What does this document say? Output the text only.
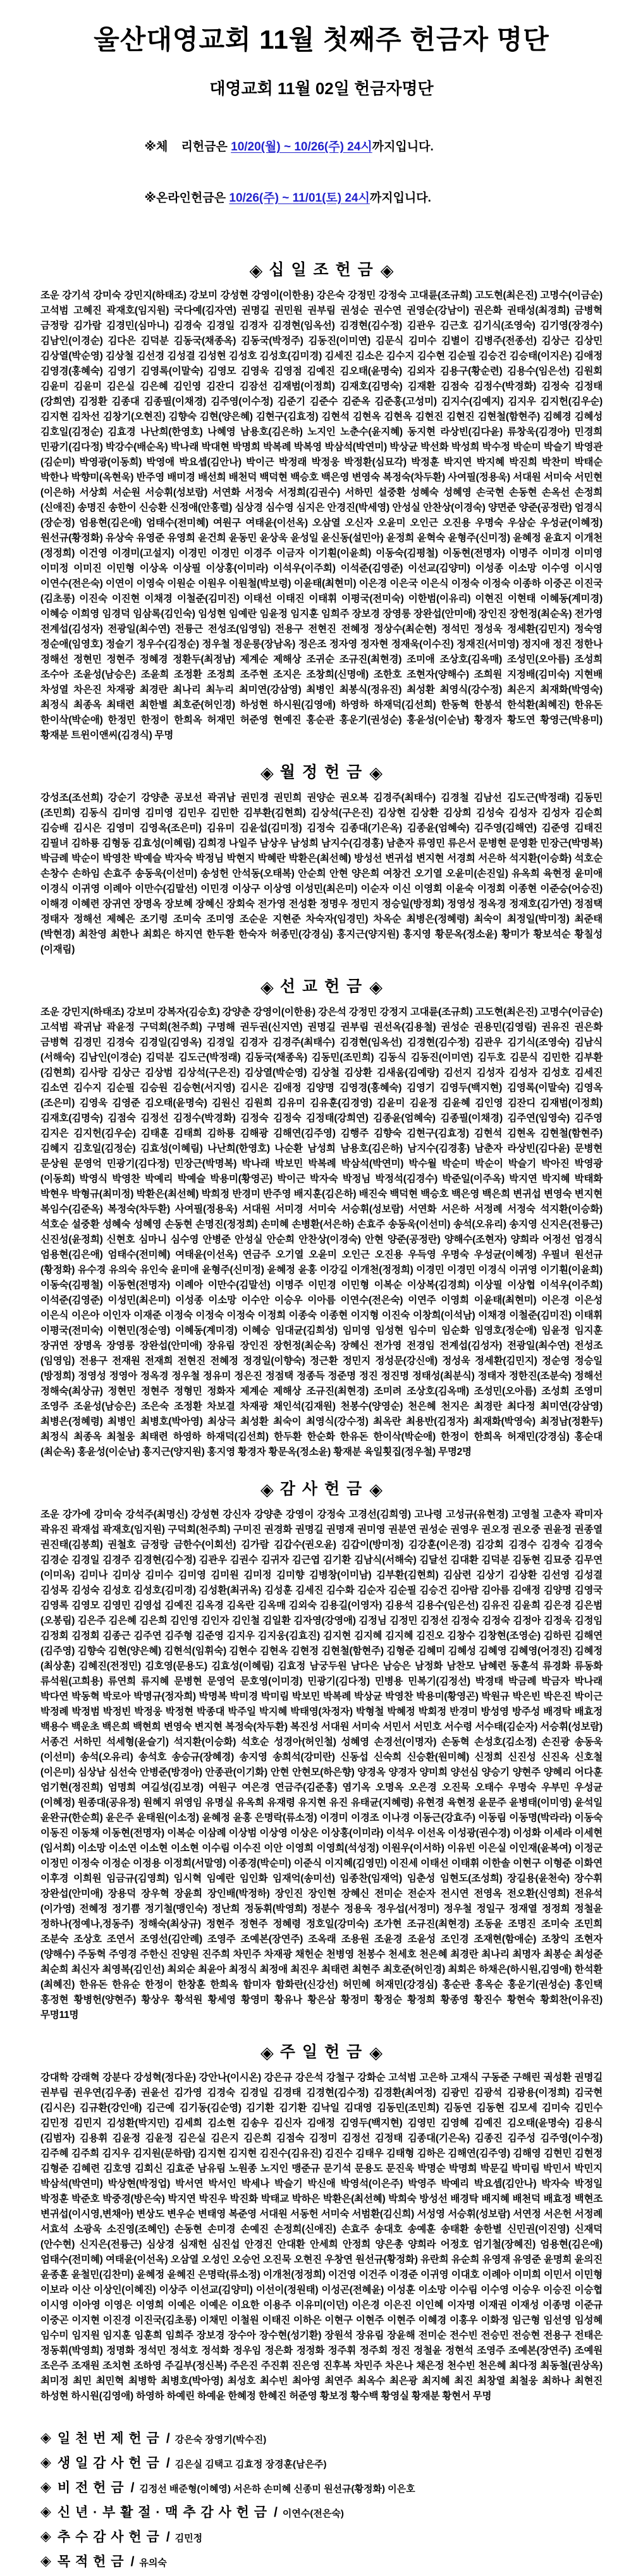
울산대영교회 11월 첫째주 헌금자 명단
대영교회 11월 02일 헌금자명단

※체    리헌금은 10/20(월) ~ 10/26(주) 24시까지입니다.

※온라인헌금은 10/26(주) ~ 11/01(토) 24시까지입니다.

◈ 십 일 조 헌 금 ◈
조운 강기석 강미숙 강민지(하태조) 강보미 강성현 강영이(이한용) 강은숙 강정민 강정숙 고대륜(조규희) 고도현(최은진) 고명수(이금순) 고석범 고혜진 곽재호(임지원) 국다예(김자연) 권명길 권민원 권부림 권성순 권수연 권영순(강남이) 권은화 권태성(최경희) 금병혁 금정랑 김가람 김경민(심마니) 김경숙 김경일 김경자 김경현(임옥선) 김경현(김수정) 김관우 김근호 김기식(조영숙) 김기영(장경수) 김남인(이경순) 김다은 김덕분 김동국(채종옥) 김동국(박정주) 김동진(이미연) 김문식 김미수 김별이 김병주(전종선) 김상근 김상민 김상열(박순영) 김상철 김선경 김성결 김성현 김성호 김성호(김미경) 김세진 김소은 김수지 김수현 김순필 김승건 김승태(이지은) 김애정 김영경(홍혜숙) 김영기 김영록(이말숙) 김영모 김영욱 김영점 김예진 김오태(윤명숙) 김외자 김용구(황순련) 김용수(임은선) 김원회 김윤미 김윤미 김은실 김은혜 김인영 김잔디 김잠선 김재범(이정희) 김재호(김명숙) 김재환 김점숙 김정수(박경화) 김정숙 김정태(강희연) 김정환 김종대 김종필(이채경) 김주영(이수정) 김준기 김준수 김준옥 김준홍(고성미) 김지수(김예지) 김지우 김지헌(김우순) 김지현 김차선 김창기(오현진) 김향숙 김현(양은혜) 김현구(김효정) 김현석 김현옥 김현옥 김현진 김현진 김현철(함현주) 김혜경 김혜성 김호일(김정순) 김효경 나난희(한영호) 나혜영 남용호(김은하) 노지인 노춘수(윤지혜) 동지현 라상빈(김다윤) 류창욱(김경아) 민경희 민광기(김다정) 박강수(배순옥) 박나래 박대현 박명희 박복례 박복영 박삼석(박연미) 박상균 박선화 박성희 박수정 박순미 박슬기 박영관(김순미) 박영광(이동희) 박영애 박요셉(김안나) 박이근 박정래 박정웅 박정환(심묘각) 박정훈 박지연 박지혜 박진희 박찬미 박태순 박한나 박향미(옥현욱) 반주영 배미경 배선희 배천덕 백덕현 백승호 백은영 변영숙 복정숙(차두환) 사여필(정용욱) 서대원 서미숙 서민현(이은하) 서상회 서순원 서승휘(성보람) 서연화 서정숙 서정희(김권수) 서하민 설중환 성혜숙 성혜영 손국현 손동현 손옥선 손정희(신애진) 송명진 송한이 신승환 신정애(안홍렬) 심상경 심수영 심지은 안경진(박세영) 안성실 안찬상(이경숙) 양면준 양준(공정란) 엄경식(장순정) 엄용현(김은애) 엄태수(전미혜) 여원구 여태윤(이선옥) 오삼열 오신자 오윤미 오인근 오진용 우명숙 우삼순 우성균(이혜정) 원선규(황정화) 유상숙 유영준 유영희 윤건희 윤동민 윤상욱 윤성일 윤신동(설민아) 윤정희 윤혁숙 윤형주(신미정) 윤혜정 윤효지 이개천(정정희) 이건영 이경미(고설지) 이경민 이경민 이경주 이금자 이기훤(이윤희) 이동숙(김평철) 이동현(전명자) 이명주 이미경 이미영 이미정 이미진 이민형 이상옥 이상필 이상홍(이미라) 이석우(이주회) 이석준(김영준) 이선교(김양미) 이성종 이소망 이수영 이시영 이연수(전은숙) 이연이 이영숙 이원순 이원우 이원철(박보령) 이윤태(최현미) 이은경 이은국 이은식 이정숙 이정숙 이종하 이중곤 이진국(김초롱) 이진숙 이진현 이채경 이철준(김미진) 이태선 이태진 이태휘 이평국(전미숙) 이한범(이유리) 이현진 이현태 이혜동(계미경) 이혜승 이희영 임경덕 임삼록(김인숙) 임성현 임예란 임윤정 임지훈 임희주 장보경 장영롱 장완섭(안미애) 장인진 장헌정(최순옥) 전가영 전계섭(김성자) 전광일(최수연) 전륭근 전성조(임영임) 전용구 전현진 전혜정 정상수(최순현) 정석민 정성욱 정세환(김민지) 정숙영 정순애(임영호) 정슬기 정우수(김정순) 정우철 정운롱(장남옥) 정은조 정자영 정자현 정재욱(이수진) 정재진(서미영) 정지애 정진 정한나 정해선 정현민 정현주 정혜경 정환두(최정남) 제계순 제해상 조귀순 조규진(최현경) 조미애 조상호(김옥매) 조성민(오아름) 조성희 조수아 조윤성(남승은) 조윤희 조정환 조정희 조주현 조지은 조창희(신명애) 조한호 조현자(양해수) 조희원 지정배(김미숙) 지현배 차성열 차은진 차재광 최경란 최나리 최누리 최미연(강삼영) 최병인 최봉식(정유진) 최성환 최영식(강수정) 최은지 최재화(박영숙) 최정식 최종옥 최태련 최한별 최호준(허인경) 하성현 하시원(김영애) 하영하 하재덕(김선희) 한동혁 한봉석 한석환(최혜진) 한유돈 한이삭(박순애) 한정민 한정이 한희옥 허재민 허준영 현예진 홍순관 홍운기(권성순) 홍윤성(이순남) 황경자 황도연 황영근(박용미) 황재분 트윈이앤씨(김경식) 무명
◈ 월 정 헌 금 ◈
강성조(조선희) 강순기 강양춘 공보선 곽귀남 권민경 권민희 권양순 권오복 김경주(최태수) 김경철 김남선 김도근(박정래) 김동민(조민희) 김동식 김미영 김미영 김민우 김민한 김부환(김현희) 김상석(구은진) 김상현 김상환 김상희 김성숙 김성자 김성자 김순희 김승배 김시은 김영미 김영옥(조은미) 김유미 김윤섭(김미정) 김정숙 김종대(기은옥) 김종윤(엄혜숙) 김주영(김해연) 김준영 김태진 김필녀 김하룡 김형동 김효성(이혜림) 김희경 나일주 남상우 남성희 남지수(김경홍) 남춘자 류영민 류은서 문병현 문영환 민장근(박명복) 박금례 박순이 박영찬 박예슬 박자숙 박정님 박현지 박혜란 박환은(최선혜) 방성선 변귀섭 변지현 서경희 서은하 석지환(이승화) 석호순 손창수 손하임 손효주 송동욱(이선미) 송성헌 안석동(오태복) 안순희 안현 양은희 여창건 오기열 오윤미(손진일) 유옥희 육현정 윤미애 이경식 이귀영 이례아 이만수(김말선) 이민경 이상구 이상영 이성민(최은미) 이순자 이신 이영회 이윤숙 이정회 이종현 이준승(어승진) 이해경 이혜련 장귀연 장명옥 장보혜 장혜신 장회숙 전가영 전성환 정명우 정민지 정승일(방정회) 정영성 정옥경 정재호(김가연) 정점택 정태자 정해선 제혜은 조기령 조미숙 조미영 조순운 지현준 차숙자(임경민) 차옥순 최병은(정혜령) 최숙이 최정일(박미정) 최준태(박현경) 최찬영 최한나 최회은 하지연 한두환 한숙자 허종민(강경심) 홍지근(양지원) 홍지영 황문옥(정소윤) 황미가 황보석순 황칠성(이재림)
◈ 선 교 헌 금 ◈
조운 강민지(하태조) 강보미 강복자(김승호) 강양춘 강영이(이한용) 강은석 강정민 강정지 고대륜(조규희) 고도현(최은진) 고명수(이금순) 고석범 곽귀남 곽윤정 구덕회(천주희) 구명해 권두권(신지연) 권명길 권부림 권선옥(김용철) 권성순 권용민(김영림) 권유진 권은화 금병혁 김경민 김경숙 김경일(김영옥) 김경일 김경자 김경주(최태수) 김경현(임옥선) 김경현(김수정) 김관우 김기식(조영숙) 김남식(서해숙) 김남인(이경순) 김덕분 김도근(박정래) 김동국(채종옥) 김동민(조민희) 김동식 김동진(이미연) 김두호 김문식 김민한 김부환(김현희) 김사랑 김상근 김상범 김상석(구은진) 김상열(박순영) 김상철 김상환 김새움(김예랑) 김선지 김성자 김성자 김성호 김세진 김소연 김수지 김순필 김승원 김승현(서지영) 김시은 김애정 김양명 김영경(홍혜숙) 김영기 김영두(백지현) 김영록(이말숙) 김영옥(조은미) 김영욱 김영준 김오태(윤명숙) 김원신 김원희 김유미 김유훈(김경영) 김윤미 김윤정 김윤혜 김인영 김잔디 김재범(이정희) 김재호(김명숙) 김점숙 김정선 김정수(박경화) 김정숙 김정숙 김정태(강희연) 김종윤(엄혜숙) 김종필(이채경) 김주연(임영숙) 김주영 김지은 김지헌(김우순) 김태훈 김태희 김하룡 김해광 김해연(김주영) 김행주 김향숙 김현구(김효정) 김현석 김현옥 김현철(함현주) 김혜지 김호일(김정순) 김효성(이혜림) 나난희(한영호) 나순환 남성희 남용호(김은하) 남지수(김경홍) 남춘자 라상빈(김다윤) 문병현 문상원 문영억 민광기(김다정) 민장근(박명복) 박나래 박보민 박복례 박삼석(박연미) 박수월 박순미 박순이 박슬기 박아진 박영광(이동희) 박영식 박영찬 박예리 박예슬 박용미(황영곤) 박이근 박자숙 박정님 박정석(김경수) 박준일(이주옥) 박지연 박지혜 박태화 박현우 박형규(최미정) 박환은(최선혜) 박희정 반경미 반주영 배지훈(김은하) 배진숙 백덕현 백승호 백은영 백은희 변귀섭 변영숙 변지현 복임수(김준옥) 복정숙(차두환) 사여필(정용욱) 서대원 서미경 서미숙 서승휘(성보람) 서연화 서은하 서정례 서정숙 석지환(이승화) 석호순 설중환 성혜숙 성혜영 손동현 손명진(정정희) 손미혜 손병환(서은하) 손효주 송동욱(이선미) 송석(오유리) 송지영 신지은(전륭근) 신진성(윤정희) 신현호 심마니 심수영 안병준 안성실 안순희 안찬상(이경숙) 안현 양준(공정란) 양해수(조현자) 양희라 어정선 엄경식 엄용현(김은애) 엄태수(전미혜) 여태윤(이선옥) 연금주 오기열 오윤미 오인근 오진용 우득영 우명숙 우성균(이혜정) 우필녀 원선규(황정화) 유수경 유의숙 유인숙 윤미애 윤형주(신미정) 윤혜정 윤홍 이강길 이개천(정정희) 이경민 이경민 이경식 이귀영 이기훤(이윤희) 이동숙(김평철) 이동현(전명자) 이례아 이만수(김말선) 이명주 이민경 이민형 이복순 이상복(김경희) 이상필 이상협 이석우(이주희) 이석준(김영준) 이성민(최은미) 이성종 이소망 이수안 이승우 이아름 이연수(전은숙) 이연주 이영희 이윤태(최현미) 이은경 이은성 이은식 이은아 이인자 이재준 이정숙 이정숙 이정숙 이정희 이종숙 이종현 이지형 이진숙 이창희(이석남) 이채경 이철준(김미진) 이태휘 이평국(전미숙) 이현민(정순영) 이혜동(계미경) 이혜승 임대균(김희성) 임미영 임성현 임수미 임순화 임영호(정순애) 임윤정 임지훈 장귀연 장명옥 장영롱 장완섭(안미애) 장유림 장인진 장헌정(최순옥) 장혜신 전가영 전경임 전계섭(김성자) 전광일(최수연) 전성조(임영임) 전용구 전재원 전재희 전현진 전혜정 정경일(이향숙) 정근환 정민지 정성문(강신애) 정성욱 정세환(김민지) 정순영 정승일(방정희) 정영성 정영아 정옥경 정우철 정유미 정은진 정점택 정종득 정준명 정진 정진명 정태성(최분식) 정태자 정한진(조분숙) 정해선 정해숙(최상규) 정현민 정현주 정형민 정화자 제계순 제해상 조규진(최현경) 조미려 조상호(김옥매) 조성민(오아름) 조성희 조영미 조영주 조윤성(남승은) 조은숙 조정환 차보결 차재광 채인석(김재원) 천봉수(양영순) 천은혜 천지은 최경란 최다정 최미연(강삼영) 최병은(정혜령) 최병인 최병호(박아영) 최상극 최성환 최숙이 최영식(강수정) 최옥란 최용반(김정자) 최재화(박영숙) 최정남(정환두) 최정식 최종옥 최철웅 최태련 하영하 하재덕(김선희) 한두환 한순화 한유돈 한이삭(박순애) 한정이 한희옥 허재민(강경심) 홍순대(최순옥) 홍윤성(이순남) 홍지근(양지원) 홍지영 황경자 황문옥(정소윤) 황재분 육일횟집(정우철) 무명2명
◈ 감 사 헌 금 ◈
조운 강가에 강미숙 강석주(최명신) 강성현 강신자 강양춘 강영이 강정숙 고경선(김희영) 고나령 고성규(유현경) 고영철 고춘자 곽미자 곽유진 곽재섭 곽재호(임지원) 구덕회(천주희) 구미진 권경화 권명길 권명재 권미영 권분연 권성순 권영우 권오정 권오중 권윤정 권종열 권진태(김봉희) 권철호 금정랑 금한수(이회선) 김가람 김갑수(권오윤) 김갑이(방미정) 김강훈(이은경) 김강회 김경수 김경숙 김경숙 김경순 김경일 김경주 김경현(김수정) 김관우 김권수 김귀자 김근엽 김기환 김남식(서해숙) 김달선 김대환 김덕분 김동현 김묘중 김무연(이미옥) 김미나 김미상 김미수 김미영 김미원 김미정 김미향 김병창(이미남) 김부환(김현희) 김삼련 김상기 김상환 김선영 김성결 김성목 김성숙 김성호 김성호(김미경) 김성환(최귀옥) 김성훈 김세진 김수화 김순자 김순필 김승건 김아람 김아름 김애정 김양명 김영국 김영록 김영모 김영민 김영섭 김예진 김옥경 김옥란 김옥매 김외숙 김용길(이영자) 김용석 김용수(임은선) 김유진 김윤희 김은경 김은범(오봉림) 김은주 김은혜 김은희 김인영 김인자 김인철 김일환 김자영(강영애) 김정님 김정민 김정선 김정숙 김정숙 김정아 김정욱 김정임 김정회 김정회 김종근 김주연 김주형 김준영 김지우 김지웅(김효진) 김지현 김지혜 김지혜 김진오 김창수 김창현(조영순) 김하린 김해연(김주영) 김향숙 김현(양은혜) 김현석(임휘숙) 김현수 김현옥 김현정 김현철(함현주) 김형준 김혜미 김혜성 김혜영 김혜영(어경진) 김혜정(최상훈) 김혜진(전정민) 김호영(문용도) 김효성(이혜림) 김효정 남궁두원 남다은 남승은 남정화 남찬모 남혜련 동훈석 류경화 류동화 류석원(고희용) 류연희 류지혜 문병현 문영억 문호영(이미경) 민광기(김다정) 민병용 민복기(김정선) 박경태 박금례 박금자 박나래 박다연 박동혁 박로아 박명규(정자희) 박명복 박미경 박미림 박보민 박복례 박상균 박영찬 박용미(황영곤) 박원규 박은빈 박은진 박이근 박정례 박정범 박정빈 박정웅 박정현 박종대 박주일 박지혜 박태영(차정자) 박형철 박혜정 박회정 반경미 방성영 방주성 배경탁 배효정 백용수 백운초 백은희 백현희 변영숙 변지현 복정숙(차두환) 복진성 서대원 서미숙 서민서 서민호 서수령 서수태(김순자) 서승휘(성보람) 서종건 서하민 석세형(윤슬기) 석지환(이승화) 석호순 성경아(허인철) 성혜영 손경선(이명자) 손동혁 손성호(김소정) 손진광 송동욱(이선미) 송석(오유리) 송석호 송승규(장혜경) 송지영 송희석(강미란) 신동섭 신숙희 신승환(원미혜) 신정희 신진성 신진옥 신호철(이은미) 심상남 심선숙 안병준(방경아) 안종관(이기화) 안현 안현모(하은향) 양경옥 양경자 양미희 양선심 양승기 양현주 양혜리 어다훈 엄기현(정진희) 엄명희 여길성(김보경) 여원구 여은경 연금주(김준홍) 염기옥 오명옥 오은경 오진묵 오태수 우명숙 우부민 우성균(이혜정) 원종대(공유정) 원혜지 위영임 유명실 유옥희 유재령 유지현 유진 유태균(지혜령) 유현경 육현정 윤문주 윤병태(이미영) 윤석일 윤완규(한순희) 윤은주 윤태원(이소정) 윤혜정 윤홍 은명락(류소정) 이경미 이경조 이나경 이동근(강효주) 이동림 이동명(박라라) 이동숙 이동진 이동채 이동현(전명자) 이복순 이삼례 이상범 이상영 이상은 이상홍(이미라) 이석우 이선옥 이성광(권수경) 이성화 이세라 이세현(임서희) 이소망 이소연 이소현 이소현 이수림 이수진 이안 이영희 이영희(석성정) 이원우(이서하) 이유빈 이은실 이인재(윤복여) 이정군 이정민 이정숙 이정순 이정용 이정희(서말영) 이종경(박순미) 이준식 이지혜(김영민) 이진세 이태선 이태휘 이한솔 이현구 이형준 이화연 이후경 이희원 임금규(김영희) 임시혁 임예란 임인화 임재억(송미선) 임종찬(임재억) 임춘성 임현도(조성희) 장길용(윤천숙) 장수휘 장완섭(안미애) 장용덕 장우혁 장윤희 장인배(박정하) 장인진 장인현 장혜신 전미순 전순자 전시연 전영옥 전오환(신영희) 전유석(이가영) 전혜정 정기쁨 정기철(맹인숙) 정난희 정동휘(박영희) 정분수 정용욱 정우섭(서정미) 정우철 정일구 정재열 정정희 정철윤 정하나(정예나,정동주) 정해숙(최상규) 정현주 정현주 정혜령 정호일(강미숙) 조가현 조규진(최현경) 조동윤 조명진 조미숙 조민희 조분숙 조상호 조연서 조영선(김안례) 조영주 조예본(장연주) 조옥래 조용원 조윤경 조윤성 조인경 조재현(함애순) 조창익 조현자(양해수) 주동혁 주영경 주한신 진양원 진주희 차민주 차재광 채헌순 천병영 천봉수 천세호 천은혜 최경란 최나리 최명자 최봉순 최성준 최순희 최신자 최영복(김인선) 최외순 최윤아 최정식 최정애 최진우 최태련 최현주 최호준(허인경) 최회은 하채은(하시원,김영애) 한석환(최혜진) 한유돈 한유순 한정이 한창훈 한희옥 함미자 함화란(신강선) 허민혜 허재민(강경심) 홍순관 홍옥순 홍운기(권성순) 홍인택 홍정현 황병헌(양현주) 황상우 황석원 황세영 황영미 황유나 황은삼 황정미 황정순 황정희 황종영 황진수 황현숙 황회찬(이유진) 무명11명
◈ 주 일 헌 금 ◈
강대학 강래혁 강분다 강성혁(정다운) 강안나(이시온) 강은규 강은석 강철구 강화순 고석범 고은하 고재식 구동준 구해린 궉성환 권명길 권부림 권우연(김우종) 권윤선 김가영 김경숙 김경일 김경태 김경현(김수정) 김경환(최여정) 김광민 김광석 김광용(이정희) 김국현(김시은) 김규환(강인애) 김근예 김기동(김순영) 김기환 김기환 김낙일 김대영 김동민(조민희) 김동연 김동현 김모세 김미숙 김민수 김민정 김민지 김성환(박지민) 김세희 김소현 김송우 김신자 김애정 김영두(백지현) 김영민 김영혜 김예진 김오태(윤명숙) 김용식(김범자) 김용휘 김윤정 김윤정 김은실 김은지 김은희 김점숙 김정미 김정선 김정태 김종대(기은옥) 김종진 김주성 김주영(이수정) 김주혜 김주희 김지우 김지원(문하람) 김지현 김지현 김진수(김유진) 김진수 김태우 김태형 김하은 김해연(김주영) 김해영 김현민 김현정 김형준 김혜련 김호영 김회신 김효준 남유림 노원종 노지인 맹준규 문기석 문용도 문진욱 박명순 박명희 박문길 박미림 박민서 박민지 박삼석(박연미) 박상현(박정업) 박서연 박서인 박세나 박슬기 박신애 박영석(이은주) 박영주 박예리 박요셉(김안나) 박자숙 박정일 박정훈 박준호 박중경(방은숙) 박지연 박진우 박진화 박태교 박하은 박환은(최선혜) 박희숙 방성선 배경탁 배지혜 배천덕 배효정 백현조 변귀섭(이시영,변채아) 변상도 변우순 변태영 복준영 서대원 서동헌 서미숙 서범환(김신희) 서성영 서승휘(성보람) 서연정 서은헌 서정례 서효석 소광욱 소진영(조혜인) 손동현 손미경 손예진 손정희(신애진) 손효주 송대호 송예훈 송태환 송한별 신민권(이진영) 신재덕(안수현) 신지은(전륭근) 심상경 심재헌 심진섭 안경진 안대환 안세희 안정희 양은총 양희라 어정호 엄기철(장혜진) 엄용현(김은애) 엄태수(전미혜) 여태윤(이선옥) 오삼열 오성인 오승언 오진묵 오현진 우창연 원선규(황정화) 유란희 유순희 유영재 유영준 윤명희 윤의진 윤종훈 윤철민(김찬미) 윤혜정 윤혜진 은명락(류소정) 이개천(정정희) 이건영 이건주 이경준 이귀영 이대호 이례아 이미희 이민서 이민형 이보라 이산 이상인(이혜진) 이상주 이선교(김양미) 이선이(정원태) 이성곤(전혜윤) 이성훈 이소망 이수림 이수영 이승우 이승진 이승협 이시영 이아영 이영은 이영희 이예은 이예은 이요한 이용주 이유미(이던) 이은경 이은진 이인혜 이자명 이재권 이재성 이종명 이준규 이중곤 이지현 이진경 이진국(김초롱) 이채민 이철원 이태진 이하은 이현구 이현주 이현주 이혜경 이홍우 이화정 임근형 임선영 임성혜 임수미 임지원 임지훈 임훈희 임희주 장보경 장수아 장수현(성기환) 장원석 장유림 장윤해 전미순 전수빈 전승민 전승현 전용구 전태은 정동휘(박영희) 정명화 정석민 정석호 정석화 정우임 정은화 정정화 정주휘 정주회 정진 정철윤 정현석 조영주 조예본(장연주) 조예원 조은주 조재원 조치현 조하영 주길부(정신복) 주은진 주진휘 진은영 진후복 차민주 차은나 채은정 천수빈 천은혜 최다정 최동철(권상옥) 최미정 최민 최민혁 최병학 최병호(박아영) 최성호 최수빈 최아영 최연주 최옥수 최은광 최지혜 최진 최창열 최철웅 최하나 최현진 하성현 하시원(김영애) 하영하 하예린 하예윤 한혜정 한혜진 허준영 황보정 황수백 황영실 황재분 황현서 무명
◈ 일 천 번 제 헌 금 / 강은숙 장영기(박수진)
◈ 생 일 감 사 헌 금 / 김은실 김택고 김효정 장경훈(남은주)
◈ 비 전 헌 금 / 김정선 배준형(이혜영) 서은하 손미혜 신종미 원선규(황정화) 이은호
◈ 신 년 · 부 활 절 · 맥 추 감 사 헌 금 / 이연수(전은숙)
◈ 추 수 감 사 헌 금 / 김민정
◈ 목 적 헌 금 / 유의숙
